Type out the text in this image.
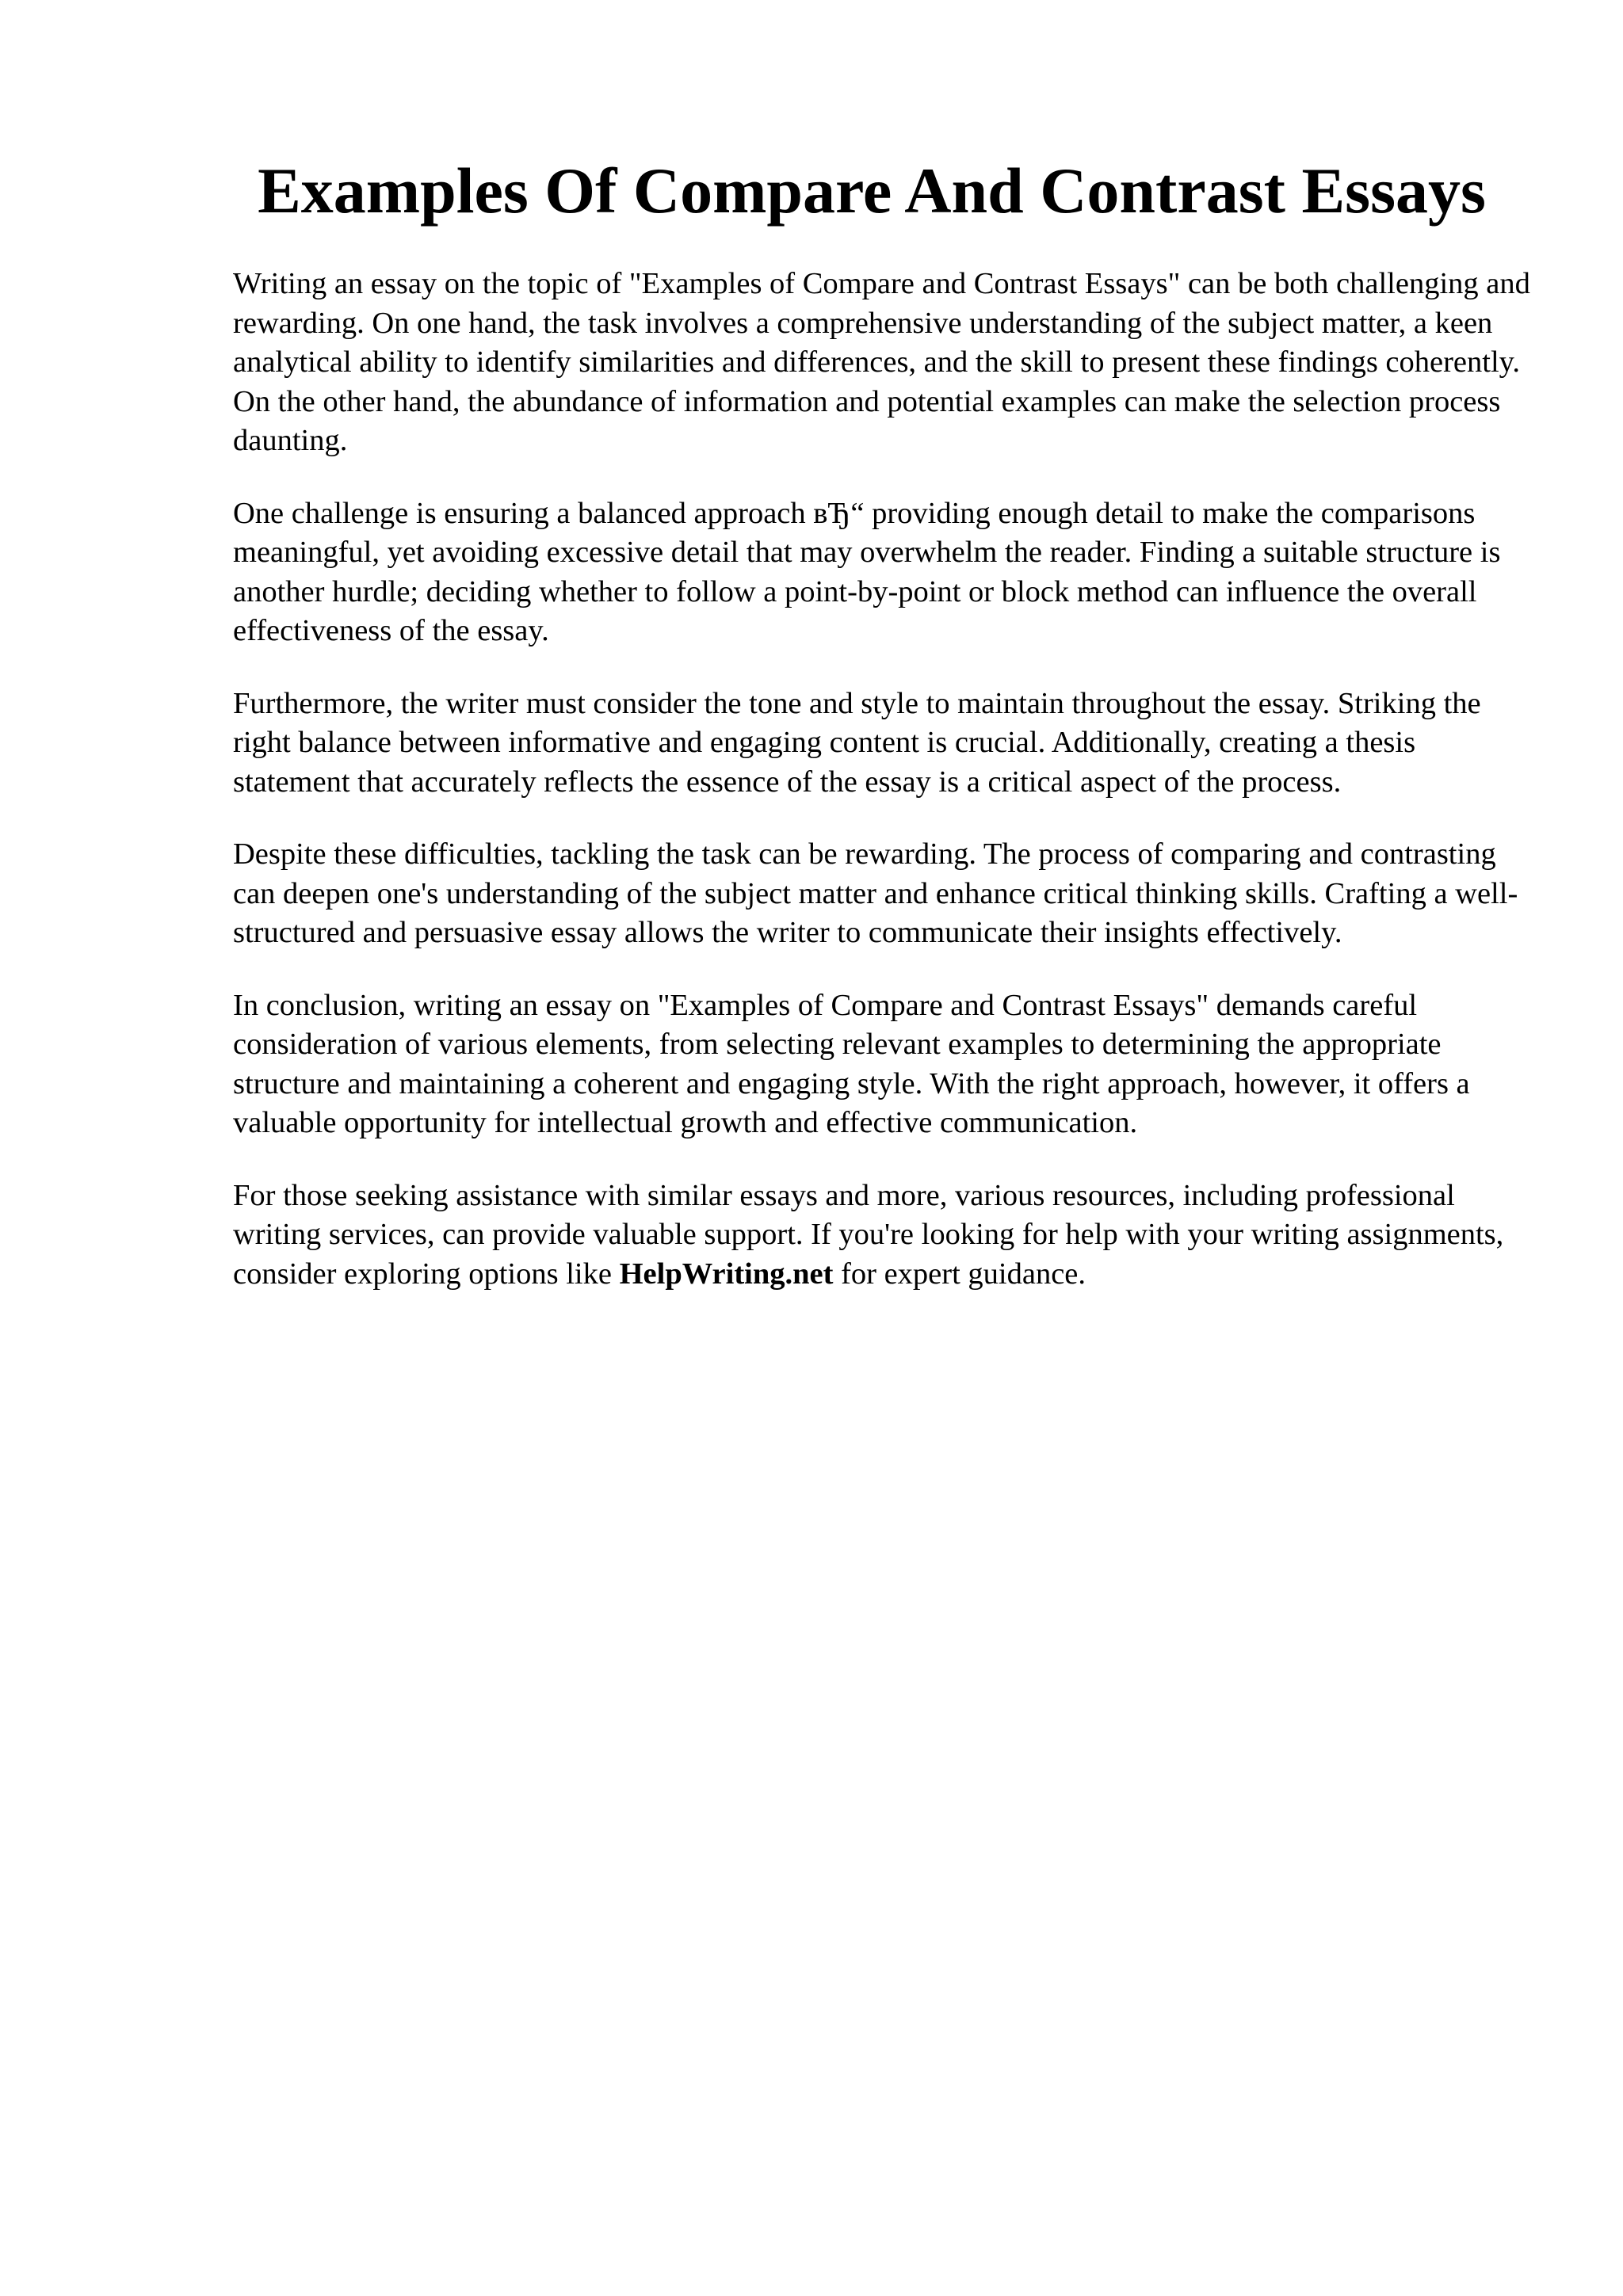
Examples Of Compare And Contrast Essays

Writing an essay on the topic of "Examples of Compare and Contrast Essays" can be both challenging and rewarding. On one hand, the task involves a comprehensive understanding of the subject matter, a keen analytical ability to identify similarities and differences, and the skill to present these findings coherently. On the other hand, the abundance of information and potential examples can make the selection process daunting.

One challenge is ensuring a balanced approach вЂ“ providing enough detail to make the comparisons meaningful, yet avoiding excessive detail that may overwhelm the reader. Finding a suitable structure is another hurdle; deciding whether to follow a point-by-point or block method can influence the overall effectiveness of the essay.

Furthermore, the writer must consider the tone and style to maintain throughout the essay. Striking the right balance between informative and engaging content is crucial. Additionally, creating a thesis statement that accurately reflects the essence of the essay is a critical aspect of the process.

Despite these difficulties, tackling the task can be rewarding. The process of comparing and contrasting can deepen one's understanding of the subject matter and enhance critical thinking skills. Crafting a well-structured and persuasive essay allows the writer to communicate their insights effectively.

In conclusion, writing an essay on "Examples of Compare and Contrast Essays" demands careful consideration of various elements, from selecting relevant examples to determining the appropriate structure and maintaining a coherent and engaging style. With the right approach, however, it offers a valuable opportunity for intellectual growth and effective communication.

For those seeking assistance with similar essays and more, various resources, including professional writing services, can provide valuable support. If you're looking for help with your writing assignments, consider exploring options like HelpWriting.net for expert guidance.
